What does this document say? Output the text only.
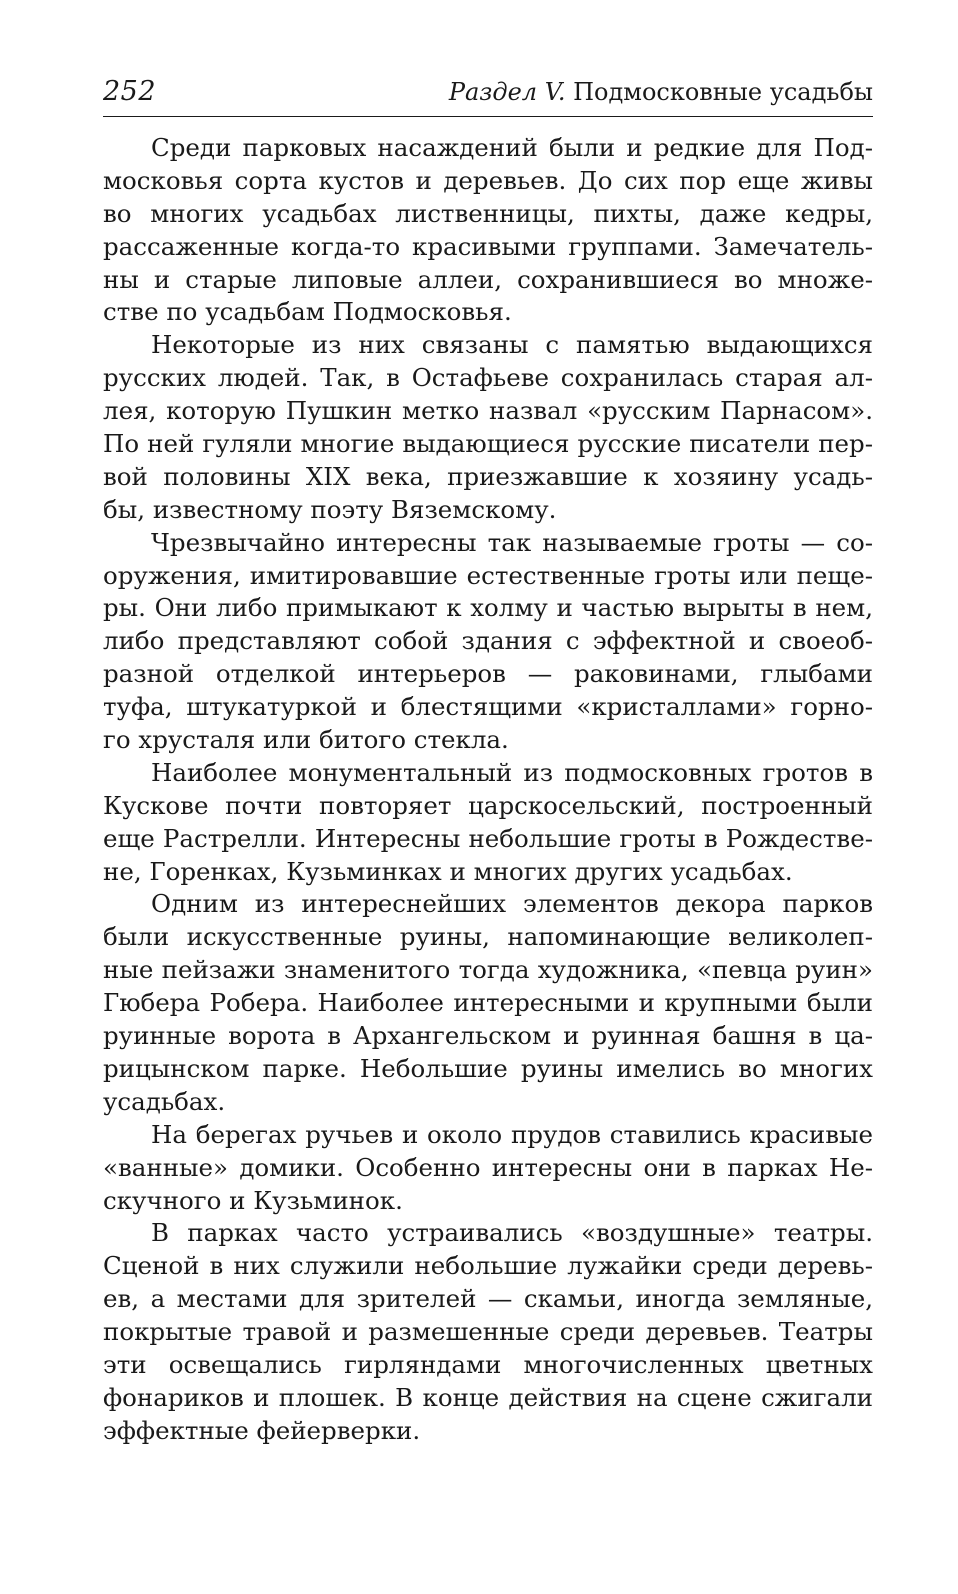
252	Раздел V. Подмосковные усадьбы
Среди парковых насаждений были и редкие для Под-
московья сорта кустов и деревьев. До сих пор еще живы
во многих усадьбах лиственницы, пихты, даже кедры,
рассаженные когда-то красивыми группами. Замечатель-
ны и старые липовые аллеи, сохранившиеся во множе-
стве по усадьбам Подмосковья.
Некоторые из них связаны с памятью выдающихся
русских людей. Так, в Остафьеве сохранилась старая ал-
лея, которую Пушкин метко назвал «русским Парнасом».
По ней гуляли многие выдающиеся русские писатели пер-
вой половины XIX века, приезжавшие к хозяину усадь-
бы, известному поэту Вяземскому.
Чрезвычайно интересны так называемые гроты — со-
оружения, имитировавшие естественные гроты или пеще-
ры. Они либо примыкают к холму и частью вырыты в нем,
либо представляют собой здания с эффектной и своеоб-
разной отделкой интерьеров — раковинами, глыбами
туфа, штукатуркой и блестящими «кристаллами» горно-
го хрусталя или битого стекла.
Наиболее монументальный из подмосковных гротов в
Кускове почти повторяет царскосельский, построенный
еще Растрелли. Интересны небольшие гроты в Рождестве-
не, Горенках, Кузьминках и многих других усадьбах.
Одним из интереснейших элементов декора парков
были искусственные руины, напоминающие великолеп-
ные пейзажи знаменитого тогда художника, «певца руин»
Гюбера Робера. Наиболее интересными и крупными были
руинные ворота в Архангельском и руинная башня в ца-
рицынском парке. Небольшие руины имелись во многих
усадьбах.
На берегах ручьев и около прудов ставились красивые
«ванные» домики. Особенно интересны они в парках Не-
скучного и Кузьминок.
В парках часто устраивались «воздушные» театры.
Сценой в них служили небольшие лужайки среди деревь-
ев, а местами для зрителей — скамьи, иногда земляные,
покрытые травой и размешенные среди деревьев. Театры
эти освещались гирляндами многочисленных цветных
фонариков и плошек. В конце действия на сцене сжигали
эффектные фейерверки.
